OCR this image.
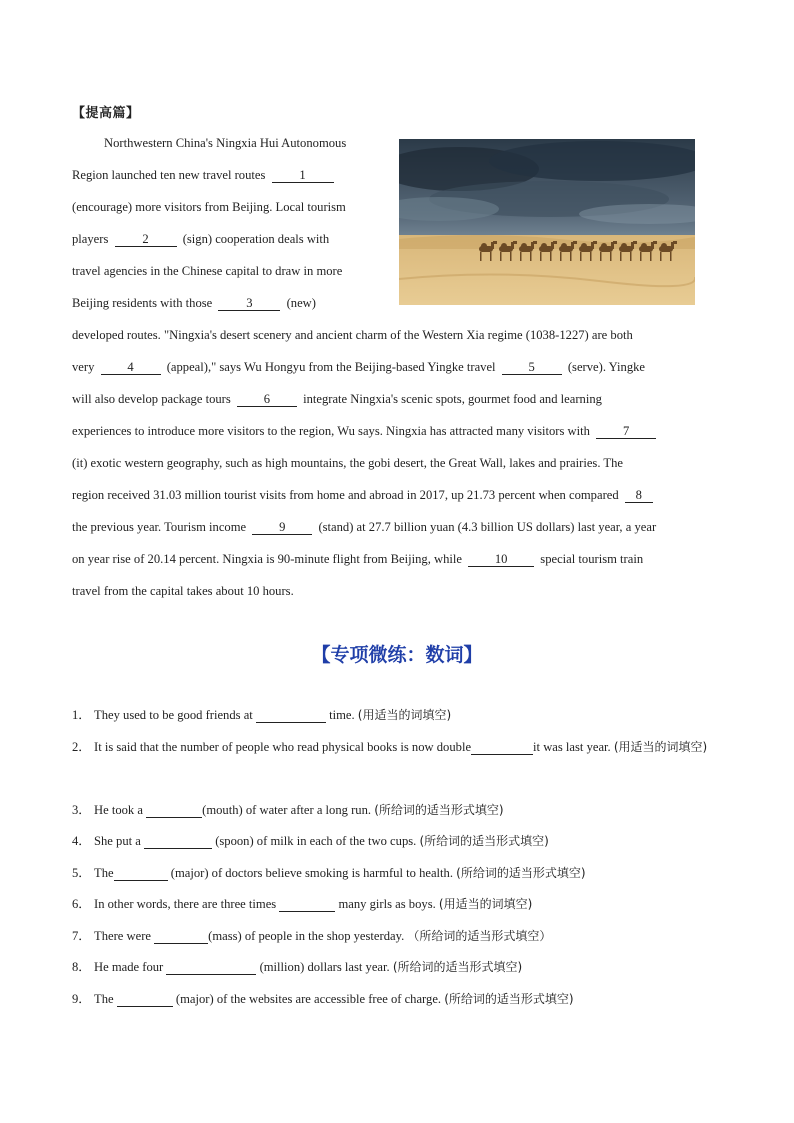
【提高篇】
Northwestern China's Ningxia Hui Autonomous
Region launched ten new travel routes	1
(encourage) more visitors from Beijing. Local tourism
players	2	(sign) cooperation deals with
travel agencies in the Chinese capital to draw in more
Beijing residents with those	3	(new)
developed routes. "Ningxia's desert scenery and ancient charm of the Western Xia regime (1038-1227) are both
very	4	(appeal)," says Wu Hongyu from the Beijing-based Yingke travel	5	(serve). Yingke
will also develop package tours	6	integrate Ningxia's scenic spots, gourmet food and learning
experiences to introduce more visitors to the region, Wu says. Ningxia has attracted many visitors with	7
(it) exotic western geography, such as high mountains, the gobi desert, the Great Wall, lakes and prairies. The
region received 31.03 million tourist visits from home and abroad in 2017, up 21.73 percent when compared 8
the previous year. Tourism income	9	(stand) at 27.7 billion yuan (4.3 billion US dollars) last year, a year
on year rise of 20.14 percent. Ningxia is 90-minute flight from Beijing, while	10	special tourism train
travel from the capital takes about 10 hours.
【专项微练：数词】
1． They used to be good friends at	time. (用适当的词填空)
2． It is said that the number of people who read physical books is now double	it was last year. (用适当的词填空)
3． He took a	(mouth) of water after a long run. (所给词的适当形式填空)
4． She put a	(spoon) of milk in each of the two cups. (所给词的适当形式填空)
5． The	(major) of doctors believe smoking is harmful to health. (所给词的适当形式填空)
6． In other words, there are three times	many girls as boys. (用适当的词填空)
7． There were	(mass) of people in the shop yesterday. （所给词的适当形式填空）
8． He made four	(million) dollars last year. (所给词的适当形式填空)
9． The	(major) of the websites are accessible free of charge. (所给词的适当形式填空)
